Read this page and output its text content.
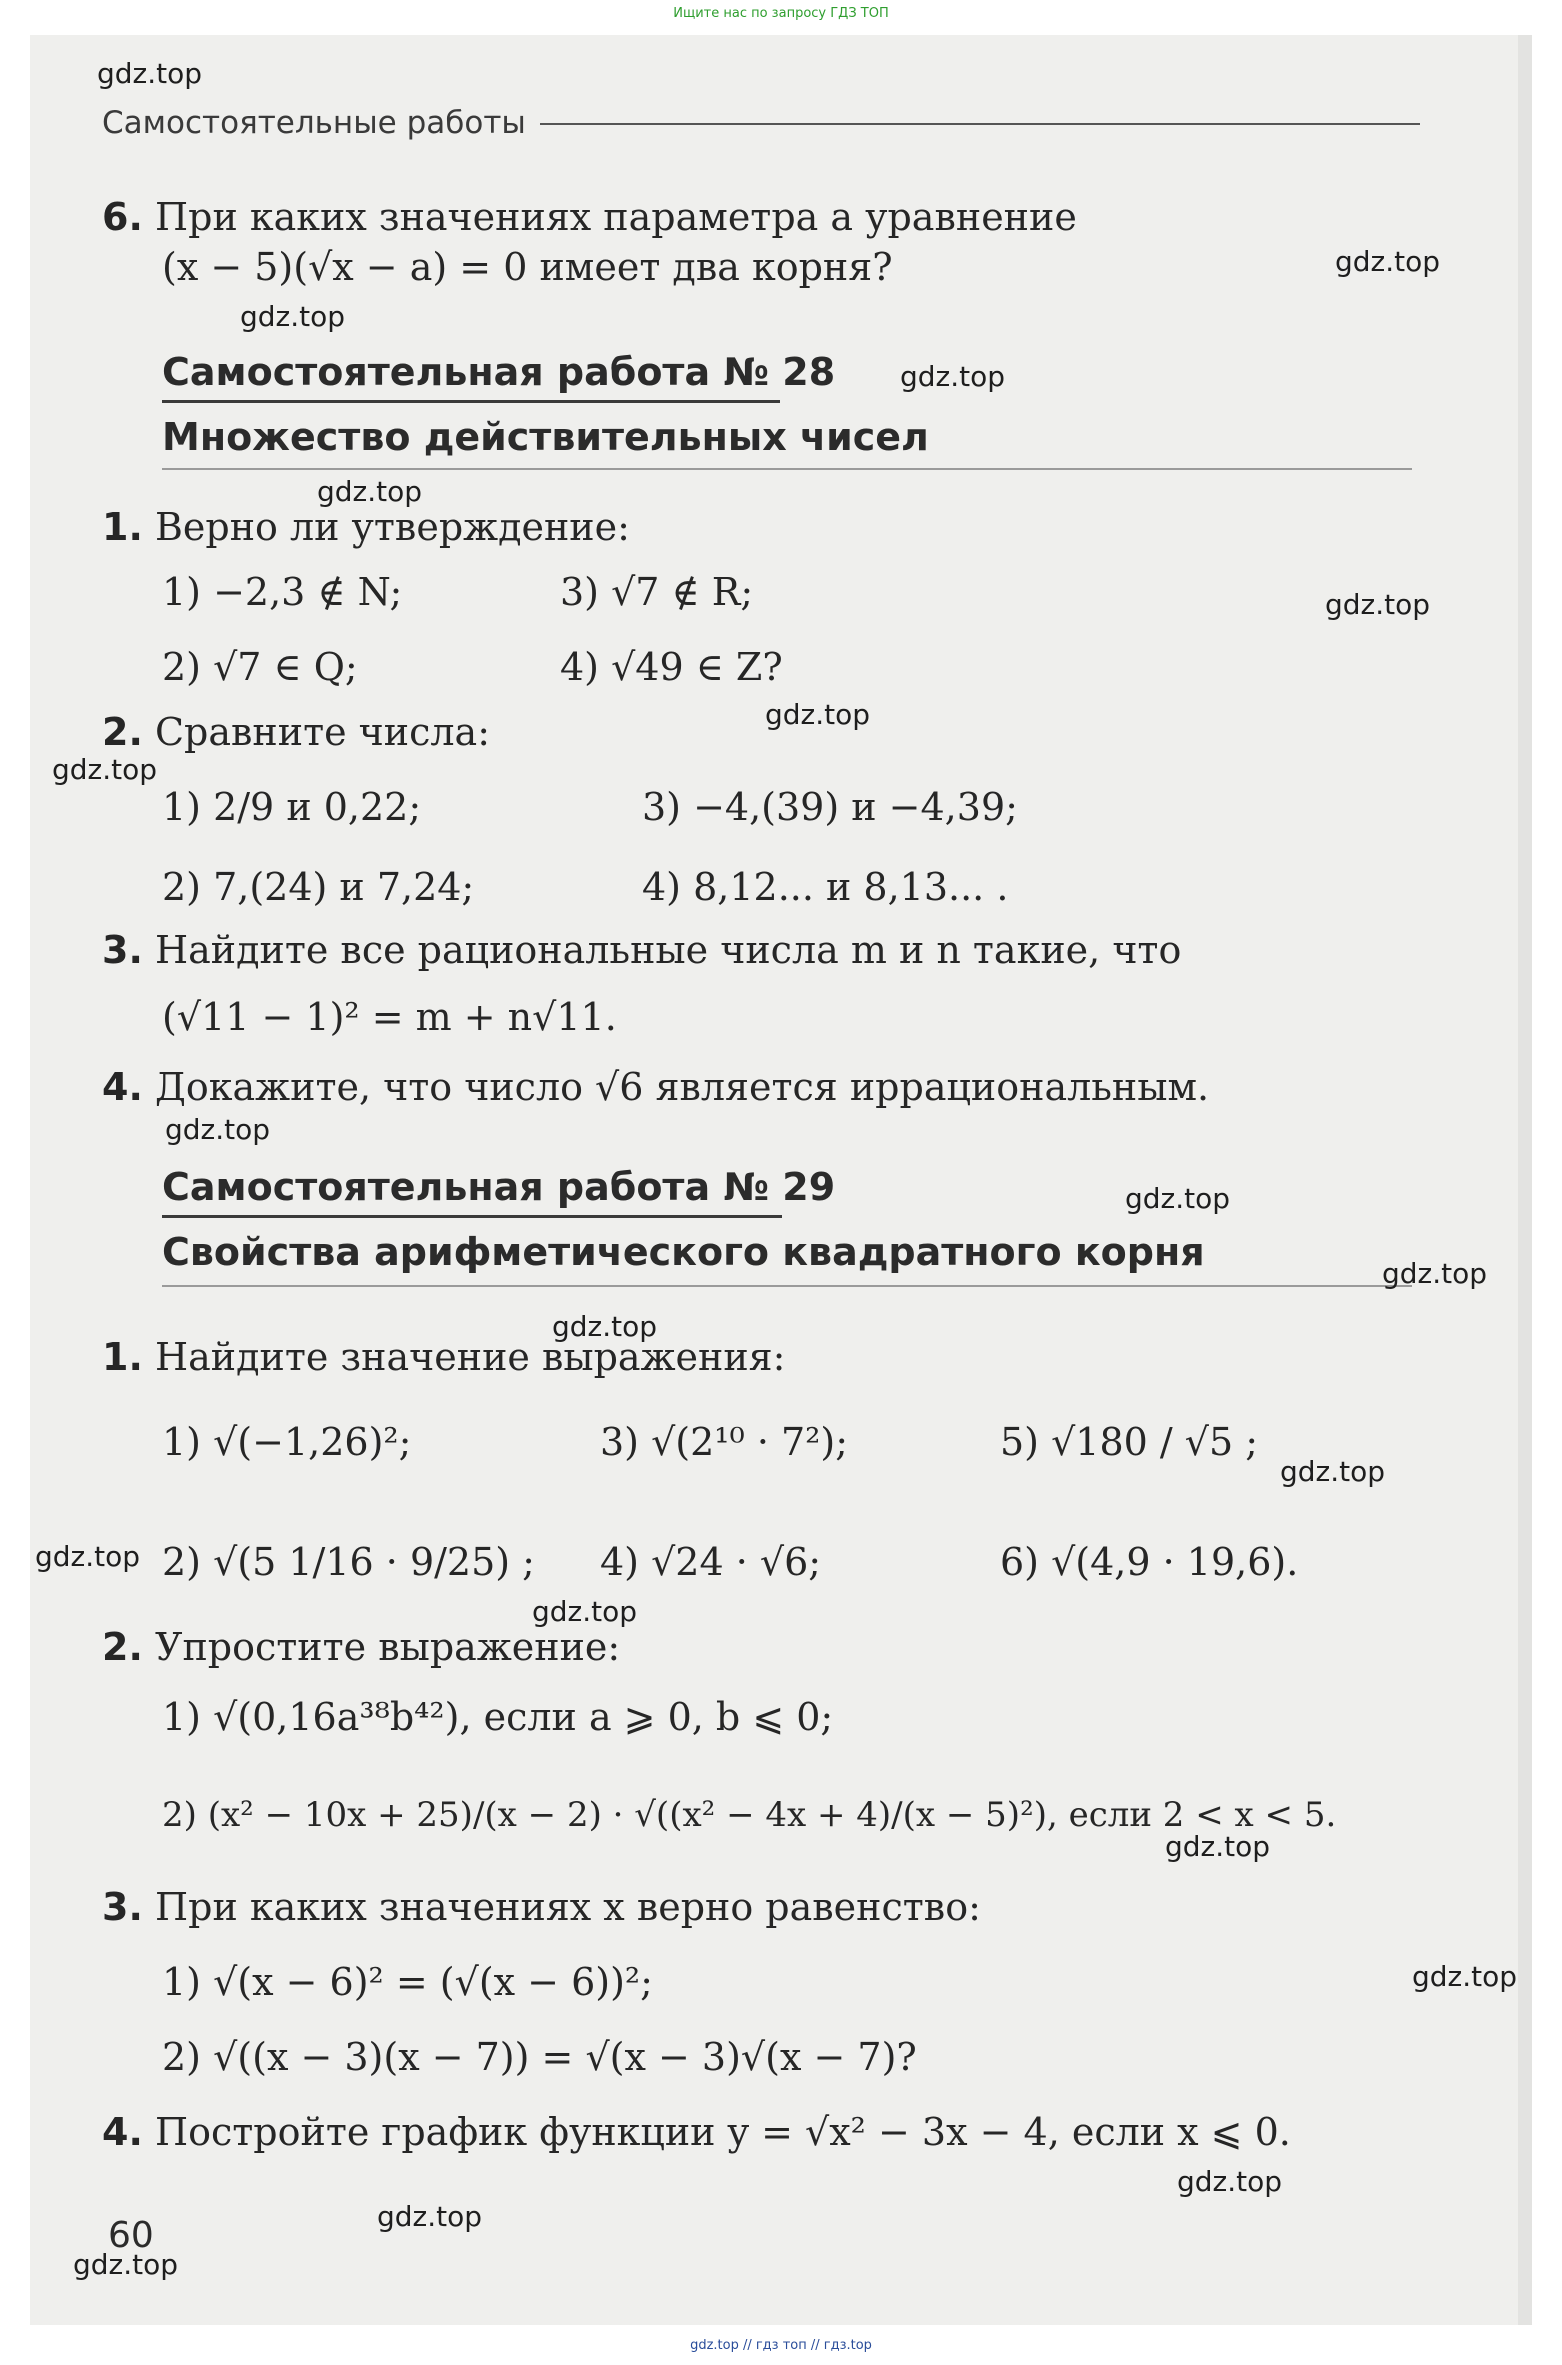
Ищите нас по запросу ГДЗ ТОП
Самостоятельные работы
6. При каких значениях параметра a уравнение
(x − 5)(√x − a) = 0 имеет два корня?
Самостоятельная работа № 28
Множество действительных чисел
1. Верно ли утверждение:
1) −2,3 ∉ N;	3) √7 ∉ R;
2) √7 ∈ Q;	4) √49 ∈ Z?
2. Сравните числа:
1) 2/9 и 0,22;	3) −4,(39) и −4,39;
2) 7,(24) и 7,24;	4) 8,12... и 8,13... .
3. Найдите все рациональные числа m и n такие, что
(√11 − 1)² = m + n√11.
4. Докажите, что число √6 является иррациональным.
Самостоятельная работа № 29
Свойства арифметического квадратного корня
1. Найдите значение выражения:
1) √(−1,26)²;	3) √(2¹⁰ · 7²);	5) √180 / √5 ;
2) √(5 1/16 · 9/25) ; 4) √24 · √6;	6) √(4,9 · 19,6).
2. Упростите выражение:
1) √(0,16a³⁸b⁴²), если a ⩾ 0, b ⩽ 0;
2) (x² − 10x + 25)/(x − 2) · √((x² − 4x + 4)/(x − 5)²), если 2 < x < 5.
3. При каких значениях x верно равенство:
1) √(x − 6)² = (√(x − 6))²;
2) √((x − 3)(x − 7)) = √(x − 3)√(x − 7)?
4. Постройте график функции y = √x² − 3x − 4, если x ⩽ 0.
60
gdz.top
gdz.top
gdz.top
gdz.top
gdz.top
gdz.top
gdz.top
gdz.top
gdz.top
gdz.top
gdz.top
gdz.top
gdz.top
gdz.top
gdz.top
gdz.top
gdz.top
gdz.top
gdz.top
gdz.top
gdz.top // гдз топ // гдз.top
